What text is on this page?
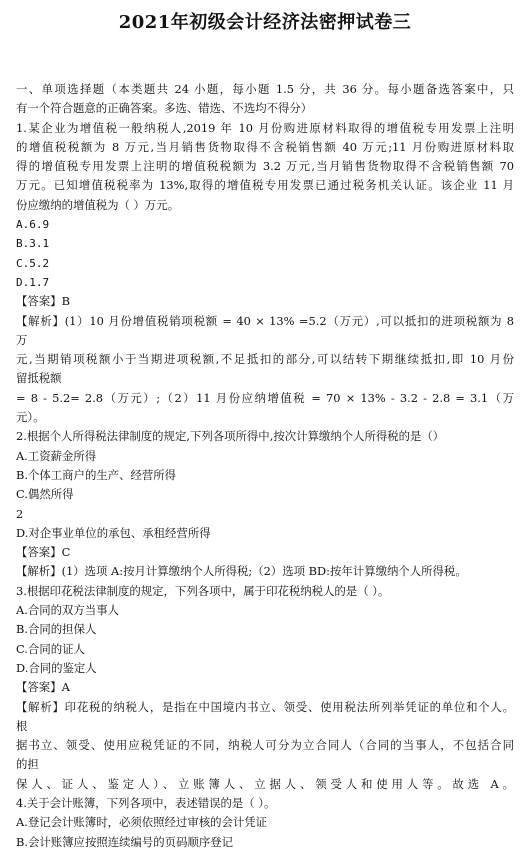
2021年初级会计经济法密押试卷三
一、单项选择题（本类题共 24 小题，每小题 1.5 分，共 36 分。每小题备选答案中，只
有一个符合题意的正确答案。多选、错选、不选均不得分）
1.某企业为增值税一般纳税人,2019 年 10 月份购进原材料取得的增值税专用发票上注明
的增值税税额为 8 万元,当月销售货物取得不含税销售额 40 万元;11 月份购进原材料取
得的增值税专用发票上注明的增值税税额为 3.2 万元,当月销售货物取得不含税销售额 70
万元。已知增值税税率为 13%,取得的增值税专用发票已通过税务机关认证。该企业 11 月
份应缴纳的增值税为（ ）万元。
A.6.9
B.3.1
C.5.2
D.1.7
【答案】B
【解析】(1）10 月份增值税销项税额 = 40 × 13% =5.2（万元）,可以抵扣的进项税额为 8
万
元,当期销项税额小于当期进项税额,不足抵扣的部分,可以结转下期继续抵扣,即 10 月份
留抵税额
= 8 - 5.2= 2.8（万元）;（2）11 月份应纳增值税 = 70 × 13% - 3.2 - 2.8 = 3.1（万
元）。
2.根据个人所得税法律制度的规定,下列各项所得中,按次计算缴纳个人所得税的是（）
A.工资薪金所得
B.个体工商户的生产、经营所得
C.偶然所得
2
D.对企事业单位的承包、承租经营所得
【答案】C
【解析】(1）选项 A:按月计算缴纳个人所得税;（2）选项 BD:按年计算缴纳个人所得税。
3.根据印花税法律制度的规定，下列各项中，属于印花税纳税人的是（ ）。
A.合同的双方当事人
B.合同的担保人
C.合同的证人
D.合同的鉴定人
【答案】A
【解析】印花税的纳税人，是指在中国境内书立、领受、使用税法所列举凭证的单位和个人。
根
据书立、领受、使用应税凭证的不同，纳税人可分为立合同人（合同的当事人，不包括合同
的担
保人、证人、鉴定人）、立账簿人、立据人、领受人和使用人等。故选 A。
4.关于会计账簿，下列各项中，表述错误的是（ ）。
A.登记会计账簿时，必须依照经过审核的会计凭证
B.会计账簿应按照连续编号的页码顺序登记
